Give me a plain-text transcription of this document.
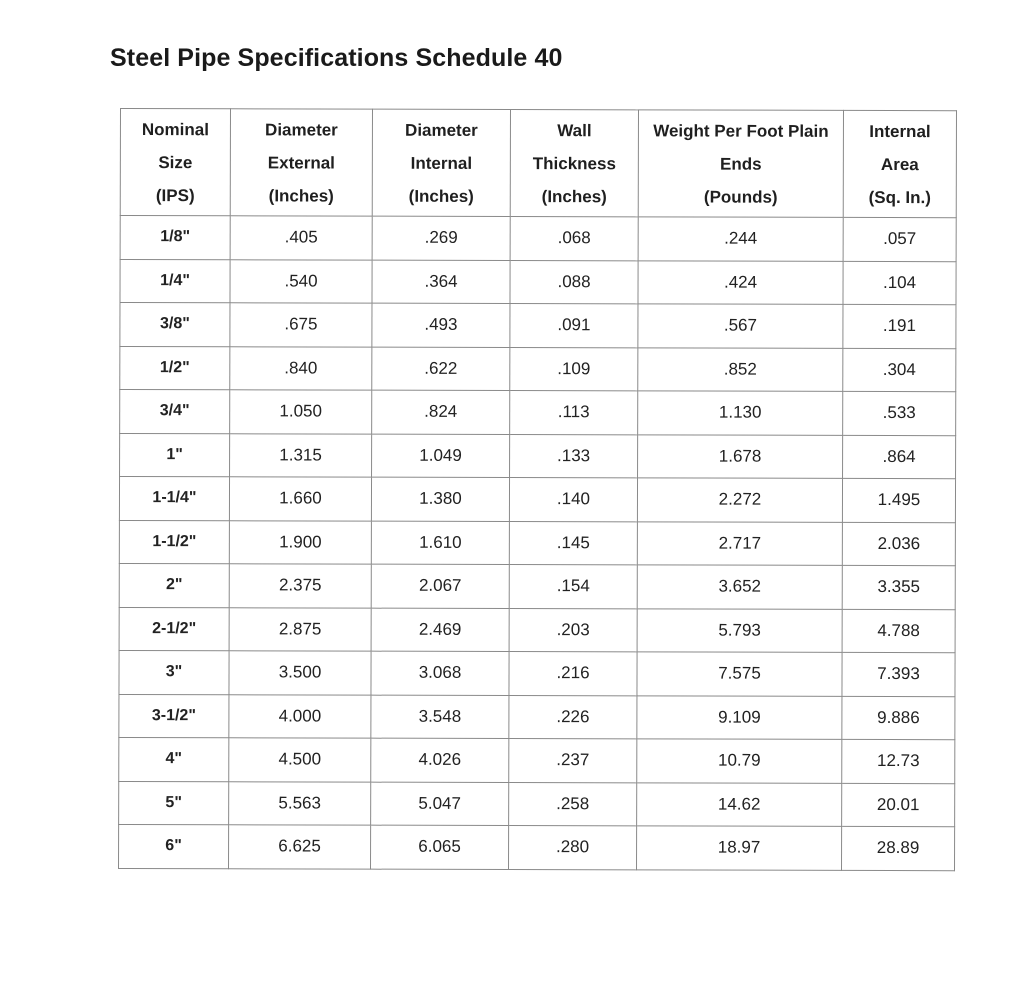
Steel Pipe Specifications Schedule 40
Nominal
Size
(IPS)	Diameter
External
(Inches)	Diameter
Internal
(Inches)	Wall
Thickness
(Inches)	Weight Per Foot Plain
Ends
(Pounds)	Internal
Area
(Sq. In.)

1/8"	.405	.269	.068	.244	.057
1/4"	.540	.364	.088	.424	.104
3/8"	.675	.493	.091	.567	.191
1/2"	.840	.622	.109	.852	.304
3/4"	1.050	.824	.113	1.130	.533
1"	1.315	1.049	.133	1.678	.864
1-1/4"	1.660	1.380	.140	2.272	1.495
1-1/2"	1.900	1.610	.145	2.717	2.036
2"	2.375	2.067	.154	3.652	3.355
2-1/2"	2.875	2.469	.203	5.793	4.788
3"	3.500	3.068	.216	7.575	7.393
3-1/2"	4.000	3.548	.226	9.109	9.886
4"	4.500	4.026	.237	10.79	12.73
5"	5.563	5.047	.258	14.62	20.01
6"	6.625	6.065	.280	18.97	28.89
